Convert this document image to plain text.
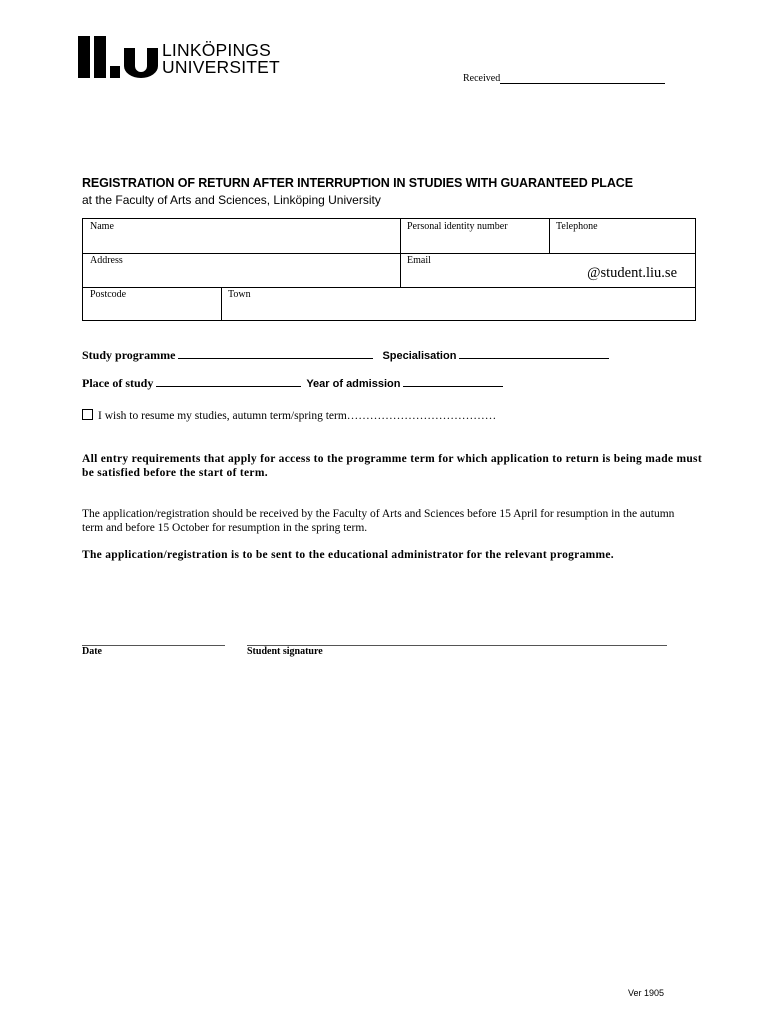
LINKÖPINGS
UNIVERSITET
Received
REGISTRATION OF RETURN AFTER INTERRUPTION IN STUDIES WITH GUARANTEED PLACE
at the Faculty of Arts and Sciences, Linköping University
Name	Personal identity number	Telephone
Address	Email
@student.liu.se
Postcode	Town
Study programme	Specialisation
Place of study	Year of admission
I wish to resume my studies, autumn term/spring term…………………………………
All entry requirements that apply for access to the programme term for which application to return is being made must be satisfied before the start of term.
The application/registration should be received by the Faculty of Arts and Sciences before 15 April for resumption in the autumn term and before 15 October for resumption in the spring term.
The application/registration is to be sent to the educational administrator for the relevant programme.
Date	Student signature
Ver 1905
